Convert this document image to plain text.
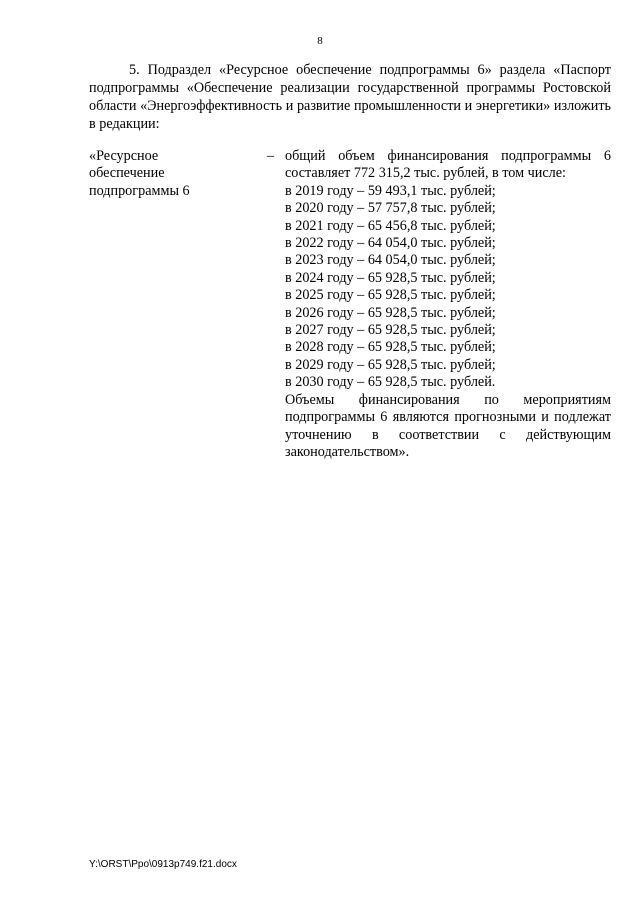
8
5. Подраздел «Ресурсное обеспечение подпрограммы 6» раздела «Паспорт подпрограммы «Обеспечение реализации государственной программы Ростовской области «Энергоэффективность и развитие промышленности и энергетики» изложить в редакции:
«Ресурсное
обеспечение
подпрограммы 6
– общий объем финансирования подпрограммы 6 составляет 772 315,2 тыс. рублей, в том числе:
в 2019 году – 59 493,1 тыс. рублей;
в 2020 году – 57 757,8 тыс. рублей;
в 2021 году – 65 456,8 тыс. рублей;
в 2022 году – 64 054,0 тыс. рублей;
в 2023 году – 64 054,0 тыс. рублей;
в 2024 году – 65 928,5 тыс. рублей;
в 2025 году – 65 928,5 тыс. рублей;
в 2026 году – 65 928,5 тыс. рублей;
в 2027 году – 65 928,5 тыс. рублей;
в 2028 году – 65 928,5 тыс. рублей;
в 2029 году – 65 928,5 тыс. рублей;
в 2030 году – 65 928,5 тыс. рублей.
Объемы финансирования по мероприятиям подпрограммы 6 являются прогнозными и подлежат уточнению в соответствии с действующим законодательством».
Y:\ORST\Ppo\0913p749.f21.docx
